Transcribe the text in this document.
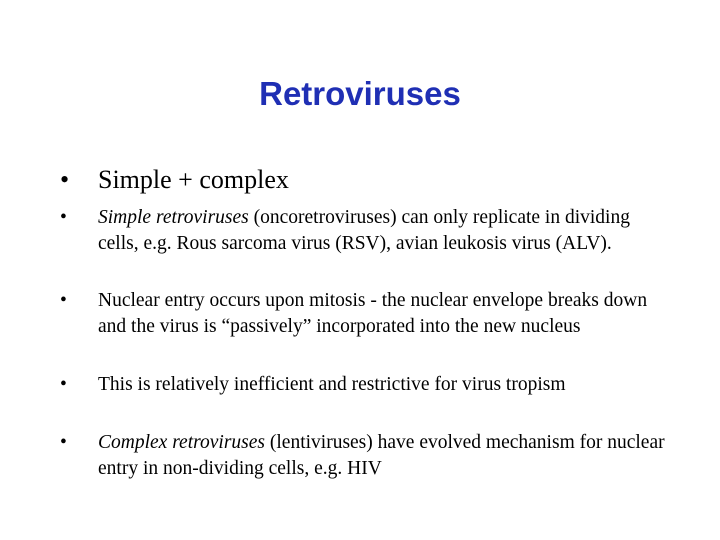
Retroviruses
• Simple + complex
• Simple retroviruses (oncoretroviruses) can only replicate in dividing cells, e.g. Rous sarcoma virus (RSV), avian leukosis virus (ALV).
• Nuclear entry occurs upon mitosis - the nuclear envelope breaks down and the virus is “passively” incorporated into the new nucleus
• This is relatively inefficient and restrictive for virus tropism
• Complex retroviruses (lentiviruses) have evolved mechanism for nuclear entry in non-dividing cells, e.g. HIV
